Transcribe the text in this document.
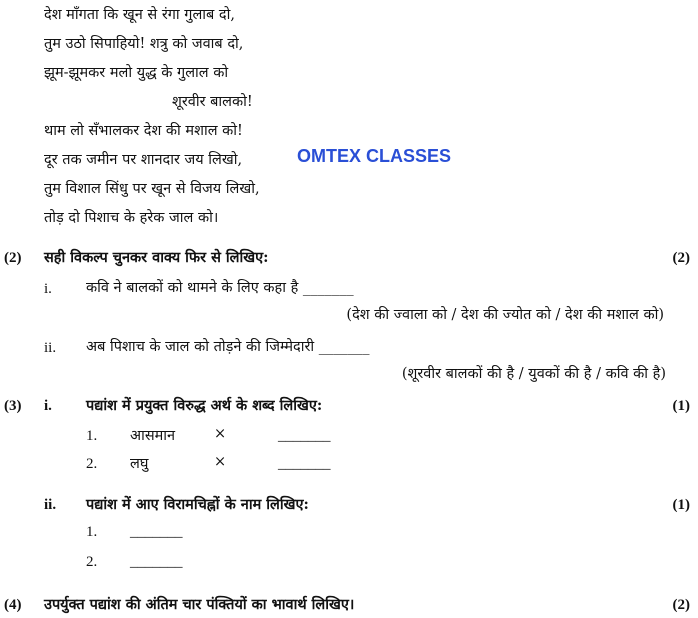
देश माँगता कि खून से रंगा गुलाब दो,
तुम उठो सिपाहियो! शत्रु को जवाब दो,
झूम-झूमकर मलो युद्ध के गुलाल को
शूरवीर बालको!
थाम लो सँभालकर देश की मशाल को!
दूर तक जमीन पर शानदार जय लिखो,
तुम विशाल सिंधु पर खून से विजय लिखो,
तोड़ दो पिशाच के हरेक जाल को।
OMTEX CLASSES
(2) सही विकल्प चुनकर वाक्य फिर से लिखिए:	(2)
i. कवि ने बालकों को थामने के लिए कहा है _______
(देश की ज्वाला को / देश की ज्योत को / देश की मशाल को)
ii. अब पिशाच के जाल को तोड़ने की जिम्मेदारी _______
(शूरवीर बालकों की है / युवकों की है / कवि की है)
(3) i. पद्यांश में प्रयुक्त विरुद्ध अर्थ के शब्द लिखिए:	(1)
1. आसमान	×	_______
2. लघु	×	_______
ii. पद्यांश में आए विरामचिह्नों के नाम लिखिए:	(1)
1. _______
2. _______
(4) उपर्युक्त पद्यांश की अंतिम चार पंक्तियों का भावार्थ लिखिए।	(2)
